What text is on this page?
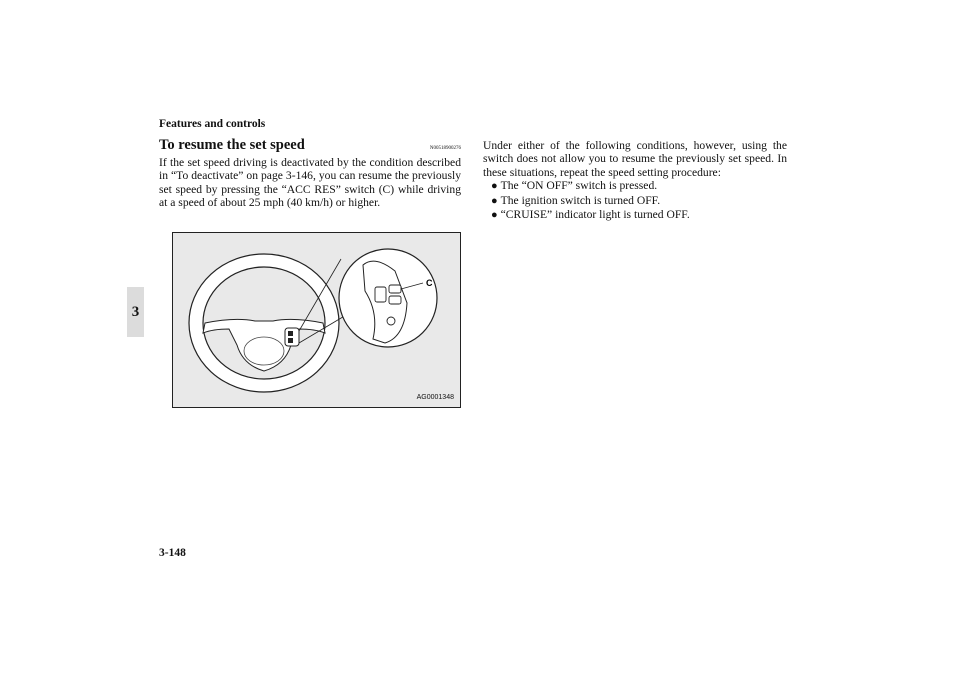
Features and controls
3
To resume the set speed	N00518900276

If the set speed driving is deactivated by the condition described in “To deactivate” on page 3-146, you can resume the previously set speed by pressing the “ACC RES” switch (C) while driving at a speed of about 25 mph (40 km/h) or higher.

C
AG0001348

Under either of the following conditions, however, using the switch does not allow you to resume the previously set speed. In these situations, repeat the speed setting procedure:

● The “ON OFF” switch is pressed.
● The ignition switch is turned OFF.
● “CRUISE” indicator light is turned OFF.
3-148
